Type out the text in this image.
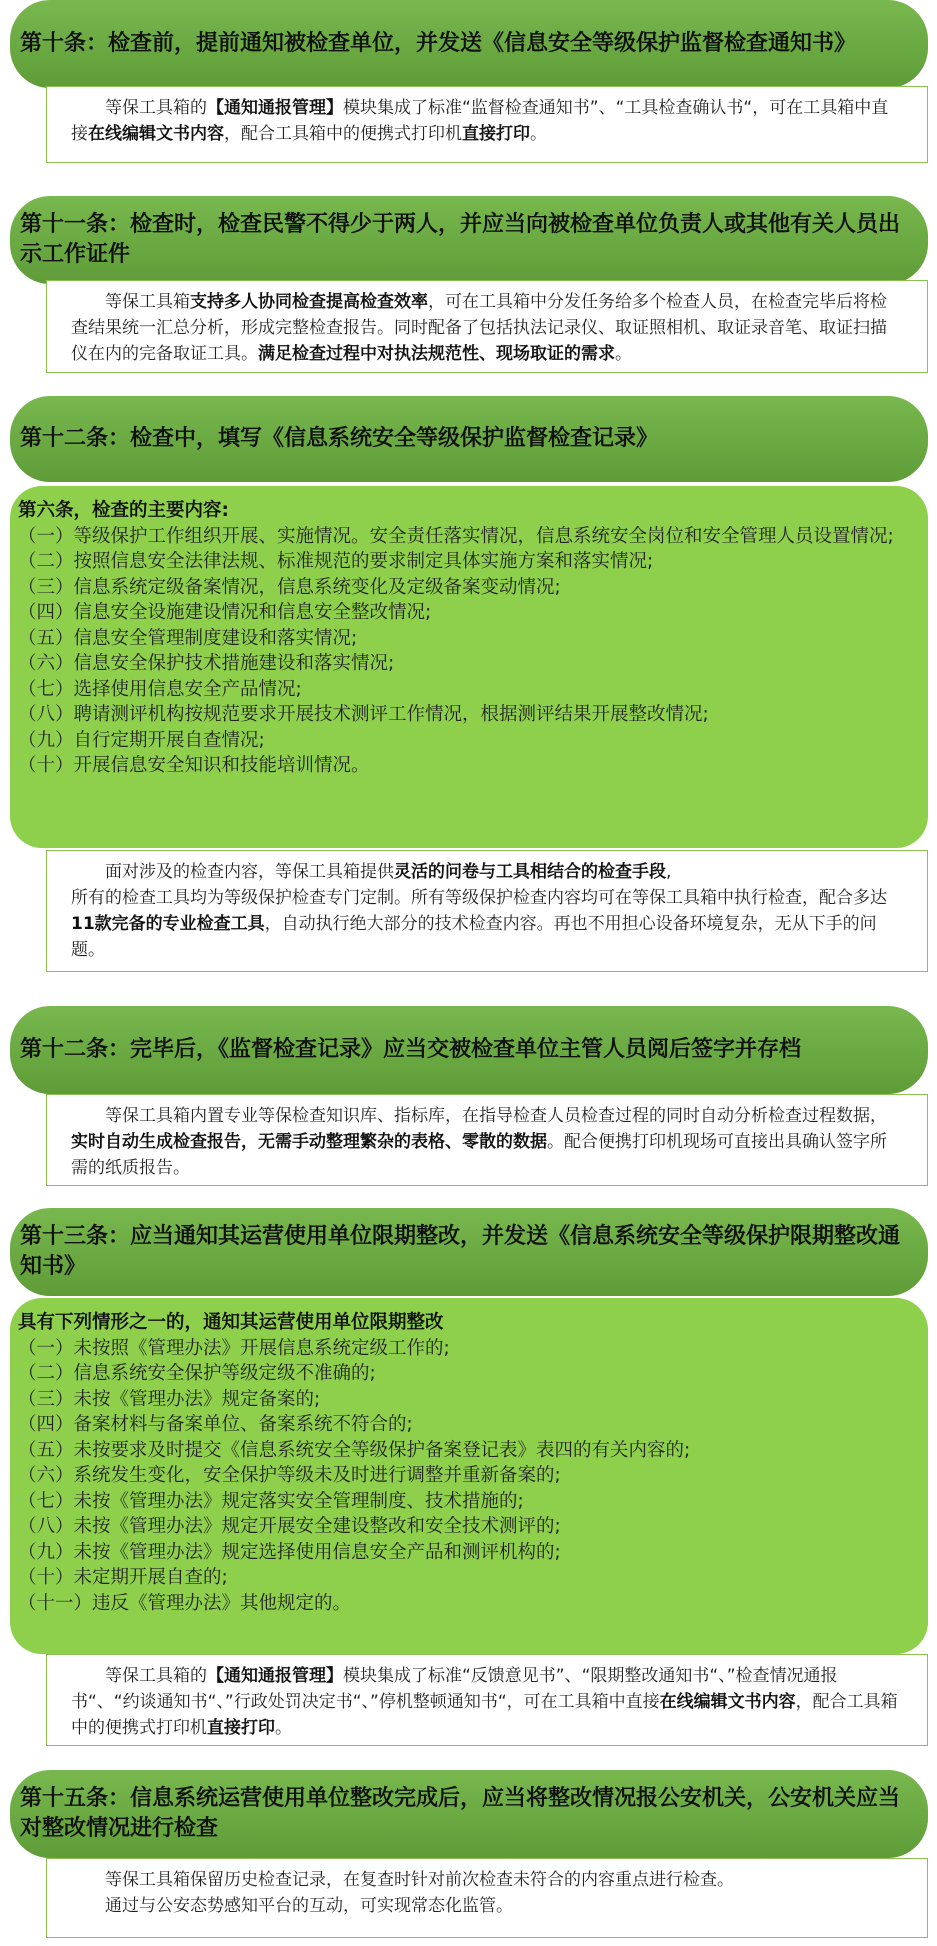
第十条：检查前，提前通知被检查单位，并发送《信息安全等级保护监督检查通知书》
等保工具箱的【通知通报管理】模块集成了标准“监督检查通知书”、“工具检查确认书“，可在工具箱中直接在线编辑文书内容，配合工具箱中的便携式打印机直接打印。
第十一条：检查时，检查民警不得少于两人，并应当向被检查单位负责人或其他有关人员出示工作证件
等保工具箱支持多人协同检查提高检查效率，可在工具箱中分发任务给多个检查人员，在检查完毕后将检查结果统一汇总分析，形成完整检查报告。同时配备了包括执法记录仪、取证照相机、取证录音笔、取证扫描仪在内的完备取证工具。满足检查过程中对执法规范性、现场取证的需求。
第十二条：检查中，填写《信息系统安全等级保护监督检查记录》
第六条，检查的主要内容:
（一）等级保护工作组织开展、实施情况。安全责任落实情况，信息系统安全岗位和安全管理人员设置情况;
（二）按照信息安全法律法规、标准规范的要求制定具体实施方案和落实情况;
（三）信息系统定级备案情况，信息系统变化及定级备案变动情况;
（四）信息安全设施建设情况和信息安全整改情况;
（五）信息安全管理制度建设和落实情况;
（六）信息安全保护技术措施建设和落实情况;
（七）选择使用信息安全产品情况;
（八）聘请测评机构按规范要求开展技术测评工作情况，根据测评结果开展整改情况;
（九）自行定期开展自查情况;
（十）开展信息安全知识和技能培训情况。
面对涉及的检查内容，等保工具箱提供灵活的问卷与工具相结合的检查手段,
所有的检查工具均为等级保护检查专门定制。所有等级保护检查内容均可在等保工具箱中执行检查，配合多达11款完备的专业检查工具，自动执行绝大部分的技术检查内容。再也不用担心设备环境复杂，无从下手的问题。
第十二条：完毕后，《监督检查记录》应当交被检查单位主管人员阅后签字并存档
等保工具箱内置专业等保检查知识库、指标库，在指导检查人员检查过程的同时自动分析检查过程数据，实时自动生成检查报告，无需手动整理繁杂的表格、零散的数据。配合便携打印机现场可直接出具确认签字所需的纸质报告。
第十三条：应当通知其运营使用单位限期整改，并发送《信息系统安全等级保护限期整改通知书》
具有下列情形之一的，通知其运营使用单位限期整改
（一）未按照《管理办法》开展信息系统定级工作的;
（二）信息系统安全保护等级定级不准确的;
（三）未按《管理办法》规定备案的;
（四）备案材料与备案单位、备案系统不符合的;
（五）未按要求及时提交《信息系统安全等级保护备案登记表》表四的有关内容的;
（六）系统发生变化，安全保护等级未及时进行调整并重新备案的;
（七）未按《管理办法》规定落实安全管理制度、技术措施的;
（八）未按《管理办法》规定开展安全建设整改和安全技术测评的;
（九）未按《管理办法》规定选择使用信息安全产品和测评机构的;
（十）未定期开展自查的;
（十一）违反《管理办法》其他规定的。
等保工具箱的【通知通报管理】模块集成了标准“反馈意见书”、“限期整改通知书“、”检查情况通报书“、“约谈通知书“、”行政处罚决定书“、”停机整顿通知书“，可在工具箱中直接在线编辑文书内容，配合工具箱中的便携式打印机直接打印。
第十五条：信息系统运营使用单位整改完成后，应当将整改情况报公安机关，公安机关应当对整改情况进行检查
等保工具箱保留历史检查记录，在复查时针对前次检查未符合的内容重点进行检查。
通过与公安态势感知平台的互动，可实现常态化监管。
